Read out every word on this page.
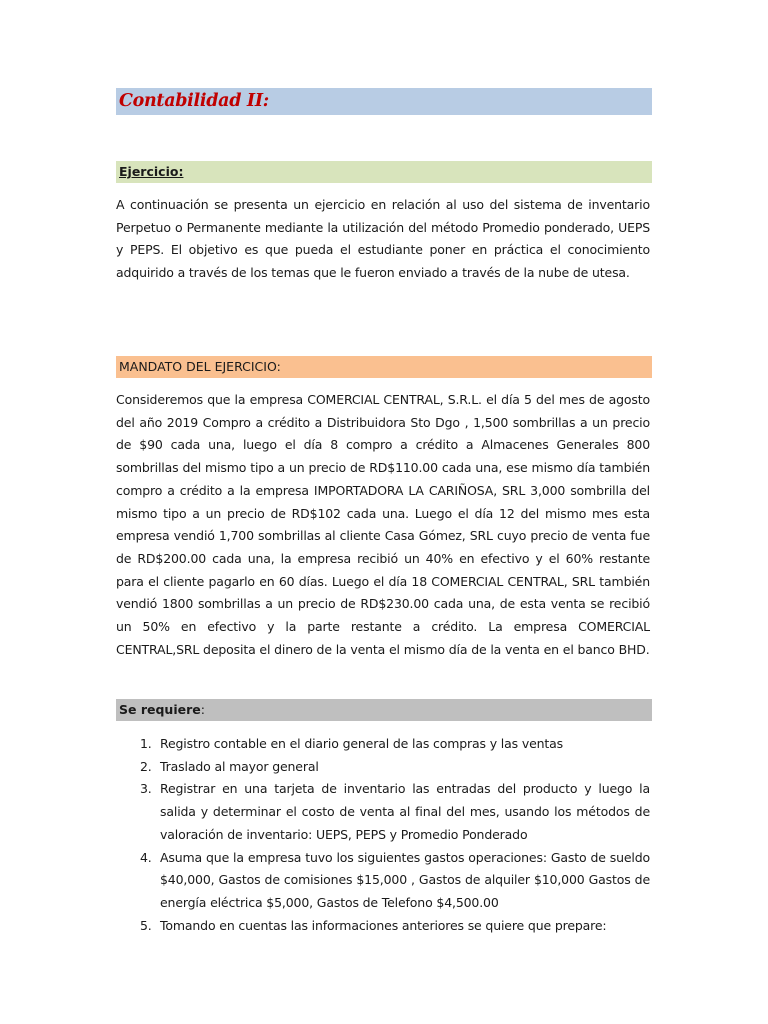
Contabilidad II:
Ejercicio:

A continuación se presenta un ejercicio en relación al uso del sistema de inventario Perpetuo o Permanente mediante la utilización del método Promedio ponderado, UEPS y PEPS. El objetivo es que pueda el estudiante poner en práctica el conocimiento adquirido a través de los temas que le fueron enviado a través de la nube de utesa.

MANDATO DEL EJERCICIO:

Consideremos que la empresa COMERCIAL CENTRAL, S.R.L. el día 5 del mes de agosto del año 2019 Compro a crédito a Distribuidora Sto Dgo , 1,500 sombrillas a un precio de $90 cada una, luego el día 8 compro a crédito a Almacenes Generales 800 sombrillas del mismo tipo a un precio de RD$110.00 cada una, ese mismo día también compro a crédito a la empresa IMPORTADORA LA CARIÑOSA, SRL 3,000 sombrilla del mismo tipo a un precio de RD$102 cada una. Luego el día 12 del mismo mes esta empresa vendió 1,700 sombrillas al cliente Casa Gómez, SRL cuyo precio de venta fue de RD$200.00 cada una, la empresa recibió un 40% en efectivo y el 60% restante para el cliente pagarlo en 60 días. Luego el día 18 COMERCIAL CENTRAL, SRL también vendió 1800 sombrillas a un precio de RD$230.00 cada una, de esta venta se recibió un 50% en efectivo y la parte restante a crédito. La empresa COMERCIAL CENTRAL,SRL deposita el dinero de la venta el mismo día de la venta en el banco BHD.

Se requiere:
1. Registro contable en el diario general de las compras y las ventas
2. Traslado al mayor general
3. Registrar en una tarjeta de inventario las entradas del producto y luego la salida y determinar el costo de venta al final del mes, usando los métodos de valoración de inventario: UEPS, PEPS y Promedio Ponderado
4. Asuma que la empresa tuvo los siguientes gastos operaciones: Gasto de sueldo $40,000, Gastos de comisiones $15,000 , Gastos de alquiler $10,000 Gastos de energía eléctrica $5,000, Gastos de Telefono $4,500.00
5. Tomando en cuentas las informaciones anteriores se quiere que prepare:
